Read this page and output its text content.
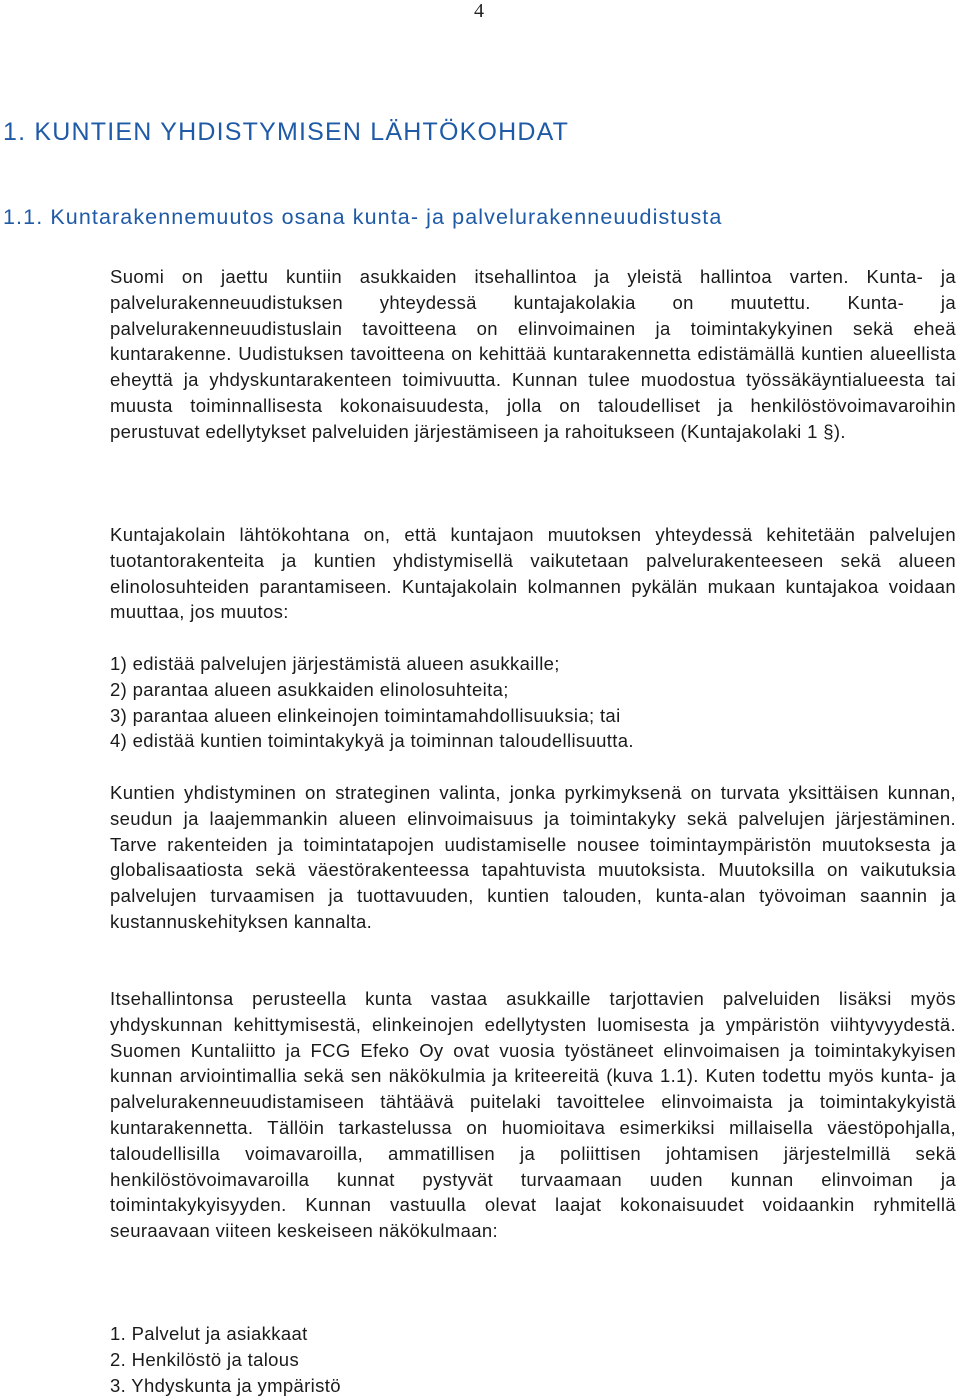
4
1. KUNTIEN YHDISTYMISEN LÄHTÖKOHDAT
1.1. Kuntarakennemuutos osana kunta- ja palvelurakenneuudistusta

Suomi on jaettu kuntiin asukkaiden itsehallintoa ja yleistä hallintoa varten. Kunta- ja palvelurakenneuudistuksen yhteydessä kuntajakolakia on muutettu. Kunta- ja palvelurakenneuudistuslain tavoitteena on elinvoimainen ja toimintakykyinen sekä eheä kuntarakenne. Uudistuksen tavoitteena on kehittää kuntarakennetta edistämällä kuntien alueellista eheyttä ja yhdyskuntarakenteen toimivuutta. Kunnan tulee muodostua työssäkäyntialueesta tai muusta toiminnallisesta kokonaisuudesta, jolla on taloudelliset ja henkilöstövoimavaroihin perustuvat edellytykset palveluiden järjestämiseen ja rahoitukseen (Kuntajakolaki 1 §).

Kuntajakolain lähtökohtana on, että kuntajaon muutoksen yhteydessä kehitetään palvelujen tuotantorakenteita ja kuntien yhdistymisellä vaikutetaan palvelurakenteeseen sekä alueen elinolosuhteiden parantamiseen. Kuntajakolain kolmannen pykälän mukaan kuntajakoa voidaan muuttaa, jos muutos:

1) edistää palvelujen järjestämistä alueen asukkaille;
2) parantaa alueen asukkaiden elinolosuhteita;
3) parantaa alueen elinkeinojen toimintamahdollisuuksia; tai
4) edistää kuntien toimintakykyä ja toiminnan taloudellisuutta.

Kuntien yhdistyminen on strateginen valinta, jonka pyrkimyksenä on turvata yksittäisen kunnan, seudun ja laajemmankin alueen elinvoimaisuus ja toimintakyky sekä palvelujen järjestäminen. Tarve rakenteiden ja toimintatapojen uudistamiselle nousee toimintaympäristön muutoksesta ja globalisaatiosta sekä väestörakenteessa tapahtuvista muutoksista. Muutoksilla on vaikutuksia palvelujen turvaamisen ja tuottavuuden, kuntien talouden, kunta-alan työvoiman saannin ja kustannuskehityksen kannalta.

Itsehallintonsa perusteella kunta vastaa asukkaille tarjottavien palveluiden lisäksi myös yhdyskunnan kehittymisestä, elinkeinojen edellytysten luomisesta ja ympäristön viihtyvyydestä. Suomen Kuntaliitto ja FCG Efeko Oy ovat vuosia työstäneet elinvoimaisen ja toimintakykyisen kunnan arviointimallia sekä sen näkökulmia ja kriteereitä (kuva 1.1). Kuten todettu myös kunta- ja palvelurakenneuudistamiseen tähtäävä puitelaki tavoittelee elinvoimaista ja toimintakykyistä kuntarakennetta. Tällöin tarkastelussa on huomioitava esimerkiksi millaisella väestöpohjalla, taloudellisilla voimavaroilla, ammatillisen ja poliittisen johtamisen järjestelmillä sekä henkilöstövoimavaroilla kunnat pystyvät turvaamaan uuden kunnan elinvoiman ja toimintakykyisyyden. Kunnan vastuulla olevat laajat kokonaisuudet voidaankin ryhmitellä seuraavaan viiteen keskeiseen näkökulmaan:

1. Palvelut ja asiakkaat
2. Henkilöstö ja talous
3. Yhdyskunta ja ympäristö
